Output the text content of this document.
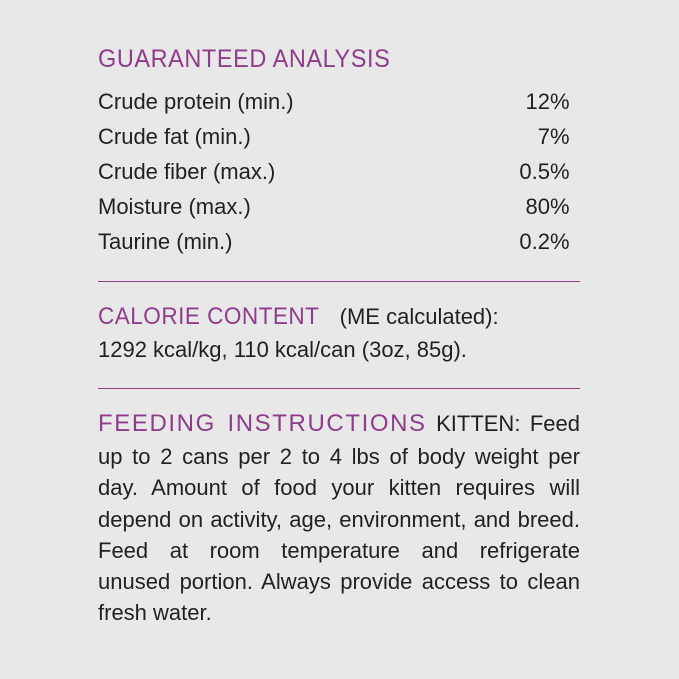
GUARANTEED ANALYSIS
Crude protein (min.)	12	%
Crude fat (min.)	7	%
Crude fiber (max.)	0.5	%
Moisture (max.)	80	%
Taurine (min.)	0.2	%
CALORIE CONTENT (ME calculated):
1292 kcal/kg, 110 kcal/can (3oz, 85g).
FEEDING INSTRUCTIONS KITTEN: Feed up to 2 cans per 2 to 4 lbs of body weight per day. Amount of food your kitten requires will depend on activity, age, environment, and breed. Feed at room temperature and refrigerate unused portion. Always provide access to clean fresh water.
